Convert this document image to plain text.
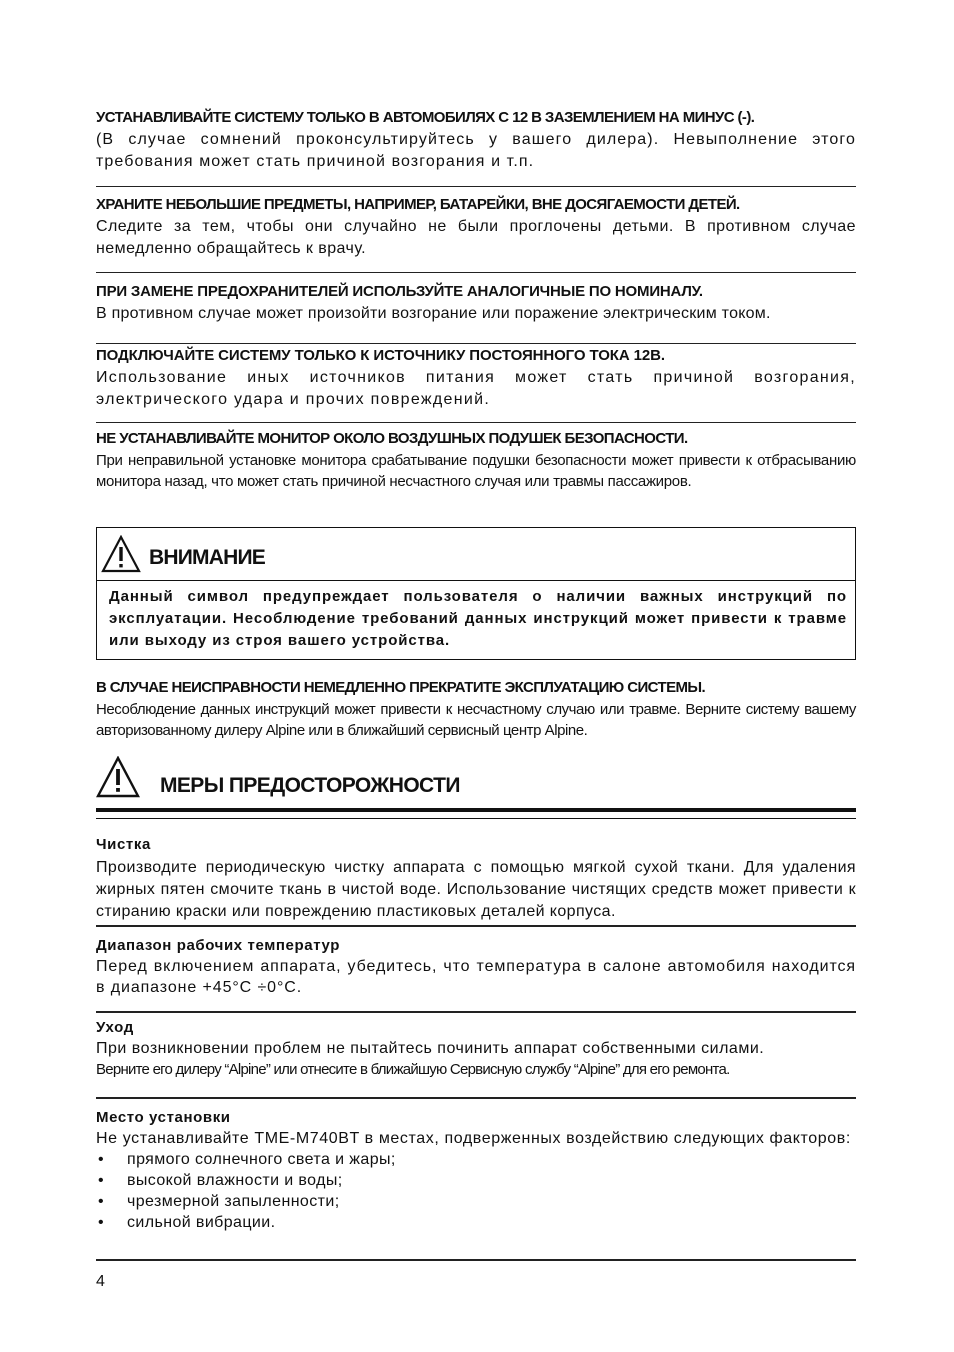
УСТАНАВЛИВАЙТЕ СИСТЕМУ ТОЛЬКО В АВТОМОБИЛЯХ С 12 В ЗАЗЕМЛЕНИЕМ НА МИНУС (-).
(В случае сомнений проконсультируйтесь у вашего дилера). Невыполнение этого требования может стать причиной возгорания и т.п.
ХРАНИТЕ НЕБОЛЬШИЕ ПРЕДМЕТЫ, НАПРИМЕР, БАТАРЕЙКИ, ВНЕ ДОСЯГАЕМОСТИ ДЕТЕЙ.
Следите за тем, чтобы они случайно не были проглочены детьми. В противном случае немедленно обращайтесь к врачу.
ПРИ ЗАМЕНЕ ПРЕДОХРАНИТЕЛЕЙ ИСПОЛЬЗУЙТЕ АНАЛОГИЧНЫЕ ПО НОМИНАЛУ.
В противном случае может произойти возгорание или поражение электрическим током.
ПОДКЛЮЧАЙТЕ СИСТЕМУ ТОЛЬКО К ИСТОЧНИКУ ПОСТОЯННОГО ТОКА 12В.
Использование иных источников питания может стать причиной возгорания, электрического удара и прочих повреждений.
НЕ УСТАНАВЛИВАЙТЕ МОНИТОР ОКОЛО ВОЗДУШНЫХ ПОДУШЕК БЕЗОПАСНОСТИ.
При неправильной установке монитора срабатывание подушки безопасности может привести к отбрасыванию монитора назад, что может стать причиной несчастного случая или травмы пассажиров.
ВНИМАНИЕ
Данный символ предупреждает пользователя о наличии важных инструкций по эксплуатации. Несоблюдение требований данных инструкций может привести к травме или выходу из строя вашего устройства.
В СЛУЧАЕ НЕИСПРАВНОСТИ НЕМЕДЛЕННО ПРЕКРАТИТЕ ЭКСПЛУАТАЦИЮ СИСТЕМЫ.
Несоблюдение данных инструкций может привести к несчастному случаю или травме. Верните систему вашему авторизованному дилеру Alpine или в ближайший сервисный центр Alpine.
МЕРЫ ПРЕДОСТОРОЖНОСТИ
Чистка
Производите периодическую чистку аппарата с помощью мягкой сухой ткани. Для удаления жирных пятен смочите ткань в чистой воде. Использование чистящих средств может привести к стиранию краски или повреждению пластиковых деталей корпуса.
Диапазон рабочих температур
Перед включением аппарата, убедитесь, что температура в салоне автомобиля находится в диапазоне +45°C ÷0°C.
Уход
При возникновении проблем не пытайтесь починить аппарат собственными силами.
Верните его дилеру “Alpine” или отнесите в ближайшую Сервисную службу “Alpine” для его ремонта.
Место установки
Не устанавливайте TME-M740BT в местах, подверженных воздействию следующих факторов:
• прямого солнечного света и жары;
• высокой влажности и воды;
• чрезмерной запыленности;
• сильной вибрации.
4
